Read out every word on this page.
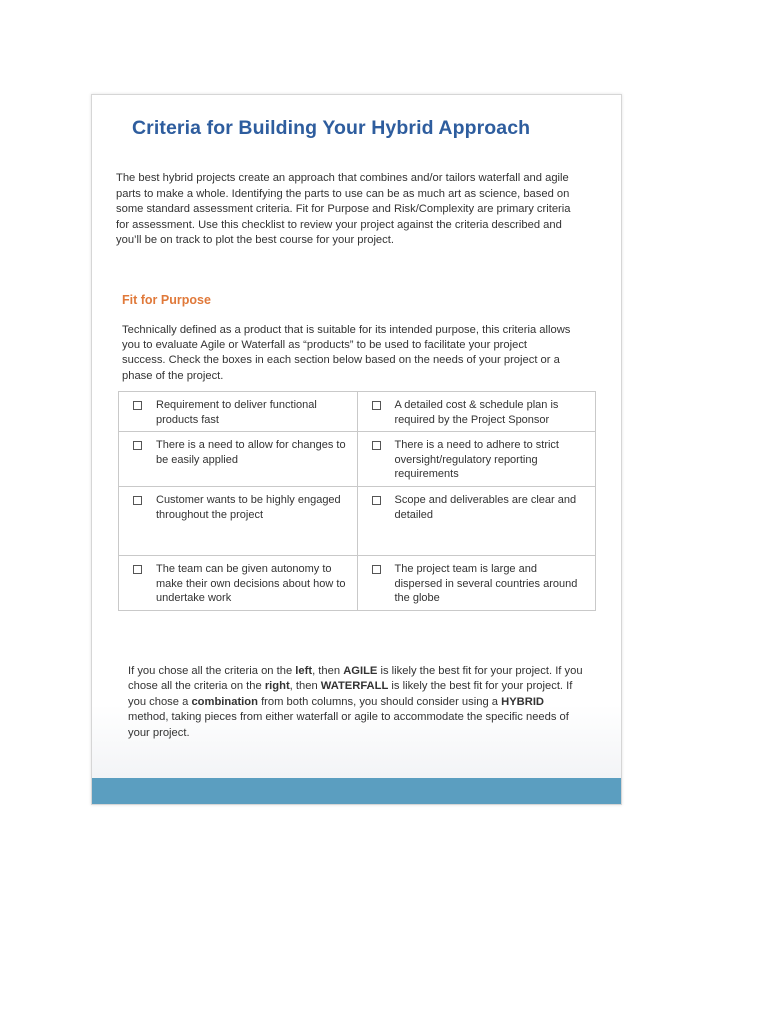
Criteria for Building Your Hybrid Approach
The best hybrid projects create an approach that combines and/or tailors waterfall and agile parts to make a whole. Identifying the parts to use can be as much art as science, based on some standard assessment criteria. Fit for Purpose and Risk/Complexity are primary criteria for assessment. Use this checklist to review your project against the criteria described and you’ll be on track to plot the best course for your project.
Fit for Purpose
Technically defined as a product that is suitable for its intended purpose, this criteria allows you to evaluate Agile or Waterfall as “products” to be used to facilitate your project success. Check the boxes in each section below based on the needs of your project or a phase of the project.
Requirement to deliver functional products fast	A detailed cost & schedule plan is required by the Project Sponsor

There is a need to allow for changes to be easily applied	There is a need to adhere to strict oversight/regulatory reporting requirements

Customer wants to be highly engaged throughout the project	Scope and deliverables are clear and detailed

The team can be given autonomy to make their own decisions about how to undertake work	The project team is large and dispersed in several countries around the globe
If you chose all the criteria on the left, then AGILE is likely the best fit for your project. If you chose all the criteria on the right, then WATERFALL is likely the best fit for your project. If you chose a combination from both columns, you should consider using a HYBRID method, taking pieces from either waterfall or agile to accommodate the specific needs of your project.
